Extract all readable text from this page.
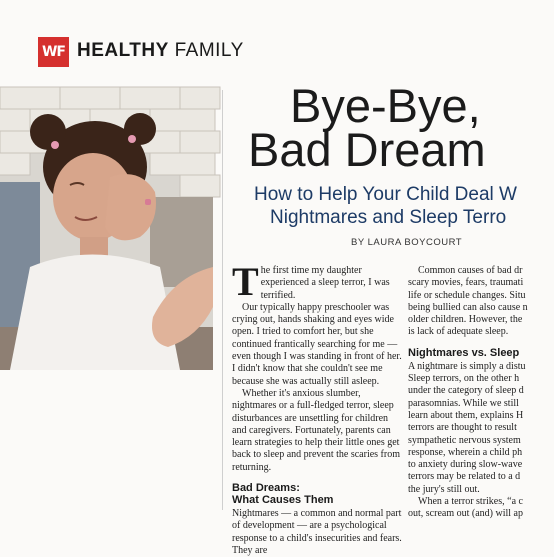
WF HEALTHY FAMILY
Bye-Bye,
Bad Dream
How to Help Your Child Deal W
Nightmares and Sleep Terro
BY LAURA BOYCOURT

The first time my daughter experienced a sleep terror, I was terrified.

Our typically happy preschooler was crying out, hands shaking and eyes wide open. I tried to comfort her, but she continued frantically searching for me — even though I was standing in front of her. I didn't know that she couldn't see me because she was actually still asleep.

Whether it's anxious slumber, nightmares or a full-fledged terror, sleep disturbances are unsettling for children and caregivers. Fortunately, parents can learn strategies to help their little ones get back to sleep and prevent the scaries from returning.

Bad Dreams:
What Causes Them

Nightmares — a common and normal part of development — are a psychological response to a child's insecurities and fears. They are

Common causes of bad dr

scary movies, fears, traumati

life or schedule changes. Situ

being bullied can also cause n

older children. However, the

is lack of adequate sleep.

Nightmares vs. Sleep

A nightmare is simply a distu

Sleep terrors, on the other h

under the category of sleep d

parasomnias. While we still

learn about them, explains H

terrors are thought to result

sympathetic nervous system

response, wherein a child ph

to anxiety during slow-wave

terrors may be related to a d

the jury's still out.

When a terror strikes, “a c

out, scream out (and) will ap
